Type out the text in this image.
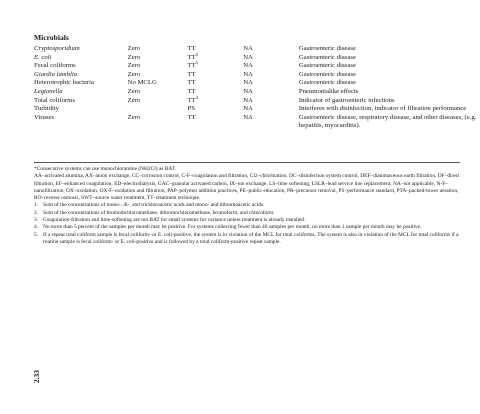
Microbials
Cryptosporidium	Zero	TT	NA	Gastroenteric disease
E. coli	Zero	$TT^5$	NA	Gastroenteric disease
Fecal coliforms	Zero	$TT^5$	NA	Gastroenteric disease
Giardia lamblia	Zero	TT	NA	Gastroenteric disease
Heterotrophic bacteria	No MCLG	TT	NA	Gastroenteric disease
Legionella	Zero	TT	NA	Pneumonialike effects
Total coliforms	Zero	$TT^4$	NA	Indicator of gastroenteric infections
Turbidity		PS	NA	Interferes with disinfection, indicator of filtration performance
Viruses	Zero	TT	NA	Gastroenteric disease, respiratory disease, and other diseases, (e.g. hepatitis, myocarditis).

*Consecutive systems can use monochloramine (NH2Cl) as BAT.

AA–activated alumina, AX–anion exchange, CC–corrosion control, C-F–coagulation and filtration, Cl2–chlorination, DC–disinfection system control, DEF–diatomaceous earth filtration, DF–direct filtration, EF–enhanced coagulation, ED–electrodialysis, GAC–granular activated carbon, IX–ion exchange, LS–lime softening, LSLR–lead service line replacement, NA–not applicable, N-F–nanofiltration, OX–oxidation, OX-F–oxidation and filtration, PAP–polymer addition practices, PE–public education, PR–precursor removal, PS–performance standard, PTA–packed-tower aeration, RO–reverse osmosis, SWT–source water treatment, TT–treatment technique.

1. Sum of the concentrations of mono-, di-, and trichloroacetic acids and mono- and dibromoacetic acids.
2. Sum of the concentrations of bromodichloromethane, dibromochloromethane, bromoform, and chloroform.
3. Coagulation-filtration and lime-softening are not BAT for small systems for variance unless treatment is already installed.
4. No more than 5 percent of the samples per month may be positive. For systems collecting fewer than 40 samples per month, no more than 1 sample per month may be positive.
5. If a repeat total coliform sample is fecal coliform- or E. coli-positive, the system is in violation of the MCL for total coliforms. The system is also in violation of the MCL for total coliforms if a routine sample is fecal coliform- or E. coli-positive and is followed by a total coliform-positive repeat sample.
2.33
